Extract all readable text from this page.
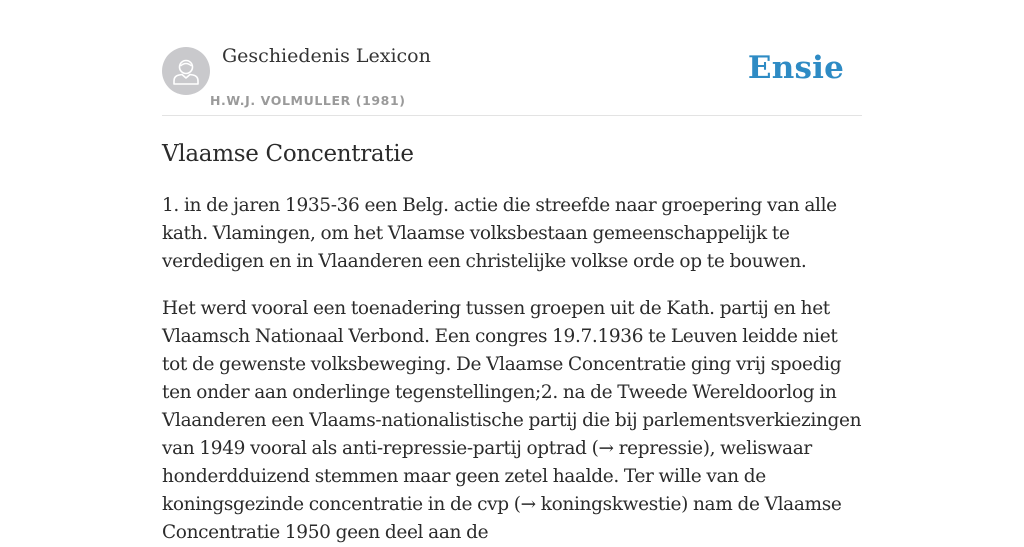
Geschiedenis Lexicon
H.W.J. VOLMULLER (1981)
Ensie
Vlaamse Concentratie

1. in de jaren 1935-36 een Belg. actie die streefde naar groepering van alle kath. Vlamingen, om het Vlaamse volksbestaan gemeenschappelijk te verdedigen en in Vlaanderen een christelijke volkse orde op te bouwen.

Het werd vooral een toenadering tussen groepen uit de Kath. partij en het Vlaamsch Nationaal Verbond. Een congres 19.7.1936 te Leuven leidde niet tot de gewenste volksbeweging. De Vlaamse Concentratie ging vrij spoedig ten onder aan onderlinge tegenstellingen;2. na de Tweede Wereldoorlog in Vlaanderen een Vlaams-nationalistische partij die bij parlementsverkiezingen van 1949 vooral als anti-repressie-partij optrad (→ repressie), weliswaar honderdduizend stemmen maar geen zetel haalde. Ter wille van de koningsgezinde concentratie in de cvp (→ koningskwestie) nam de Vlaamse Concentratie 1950 geen deel aan de
